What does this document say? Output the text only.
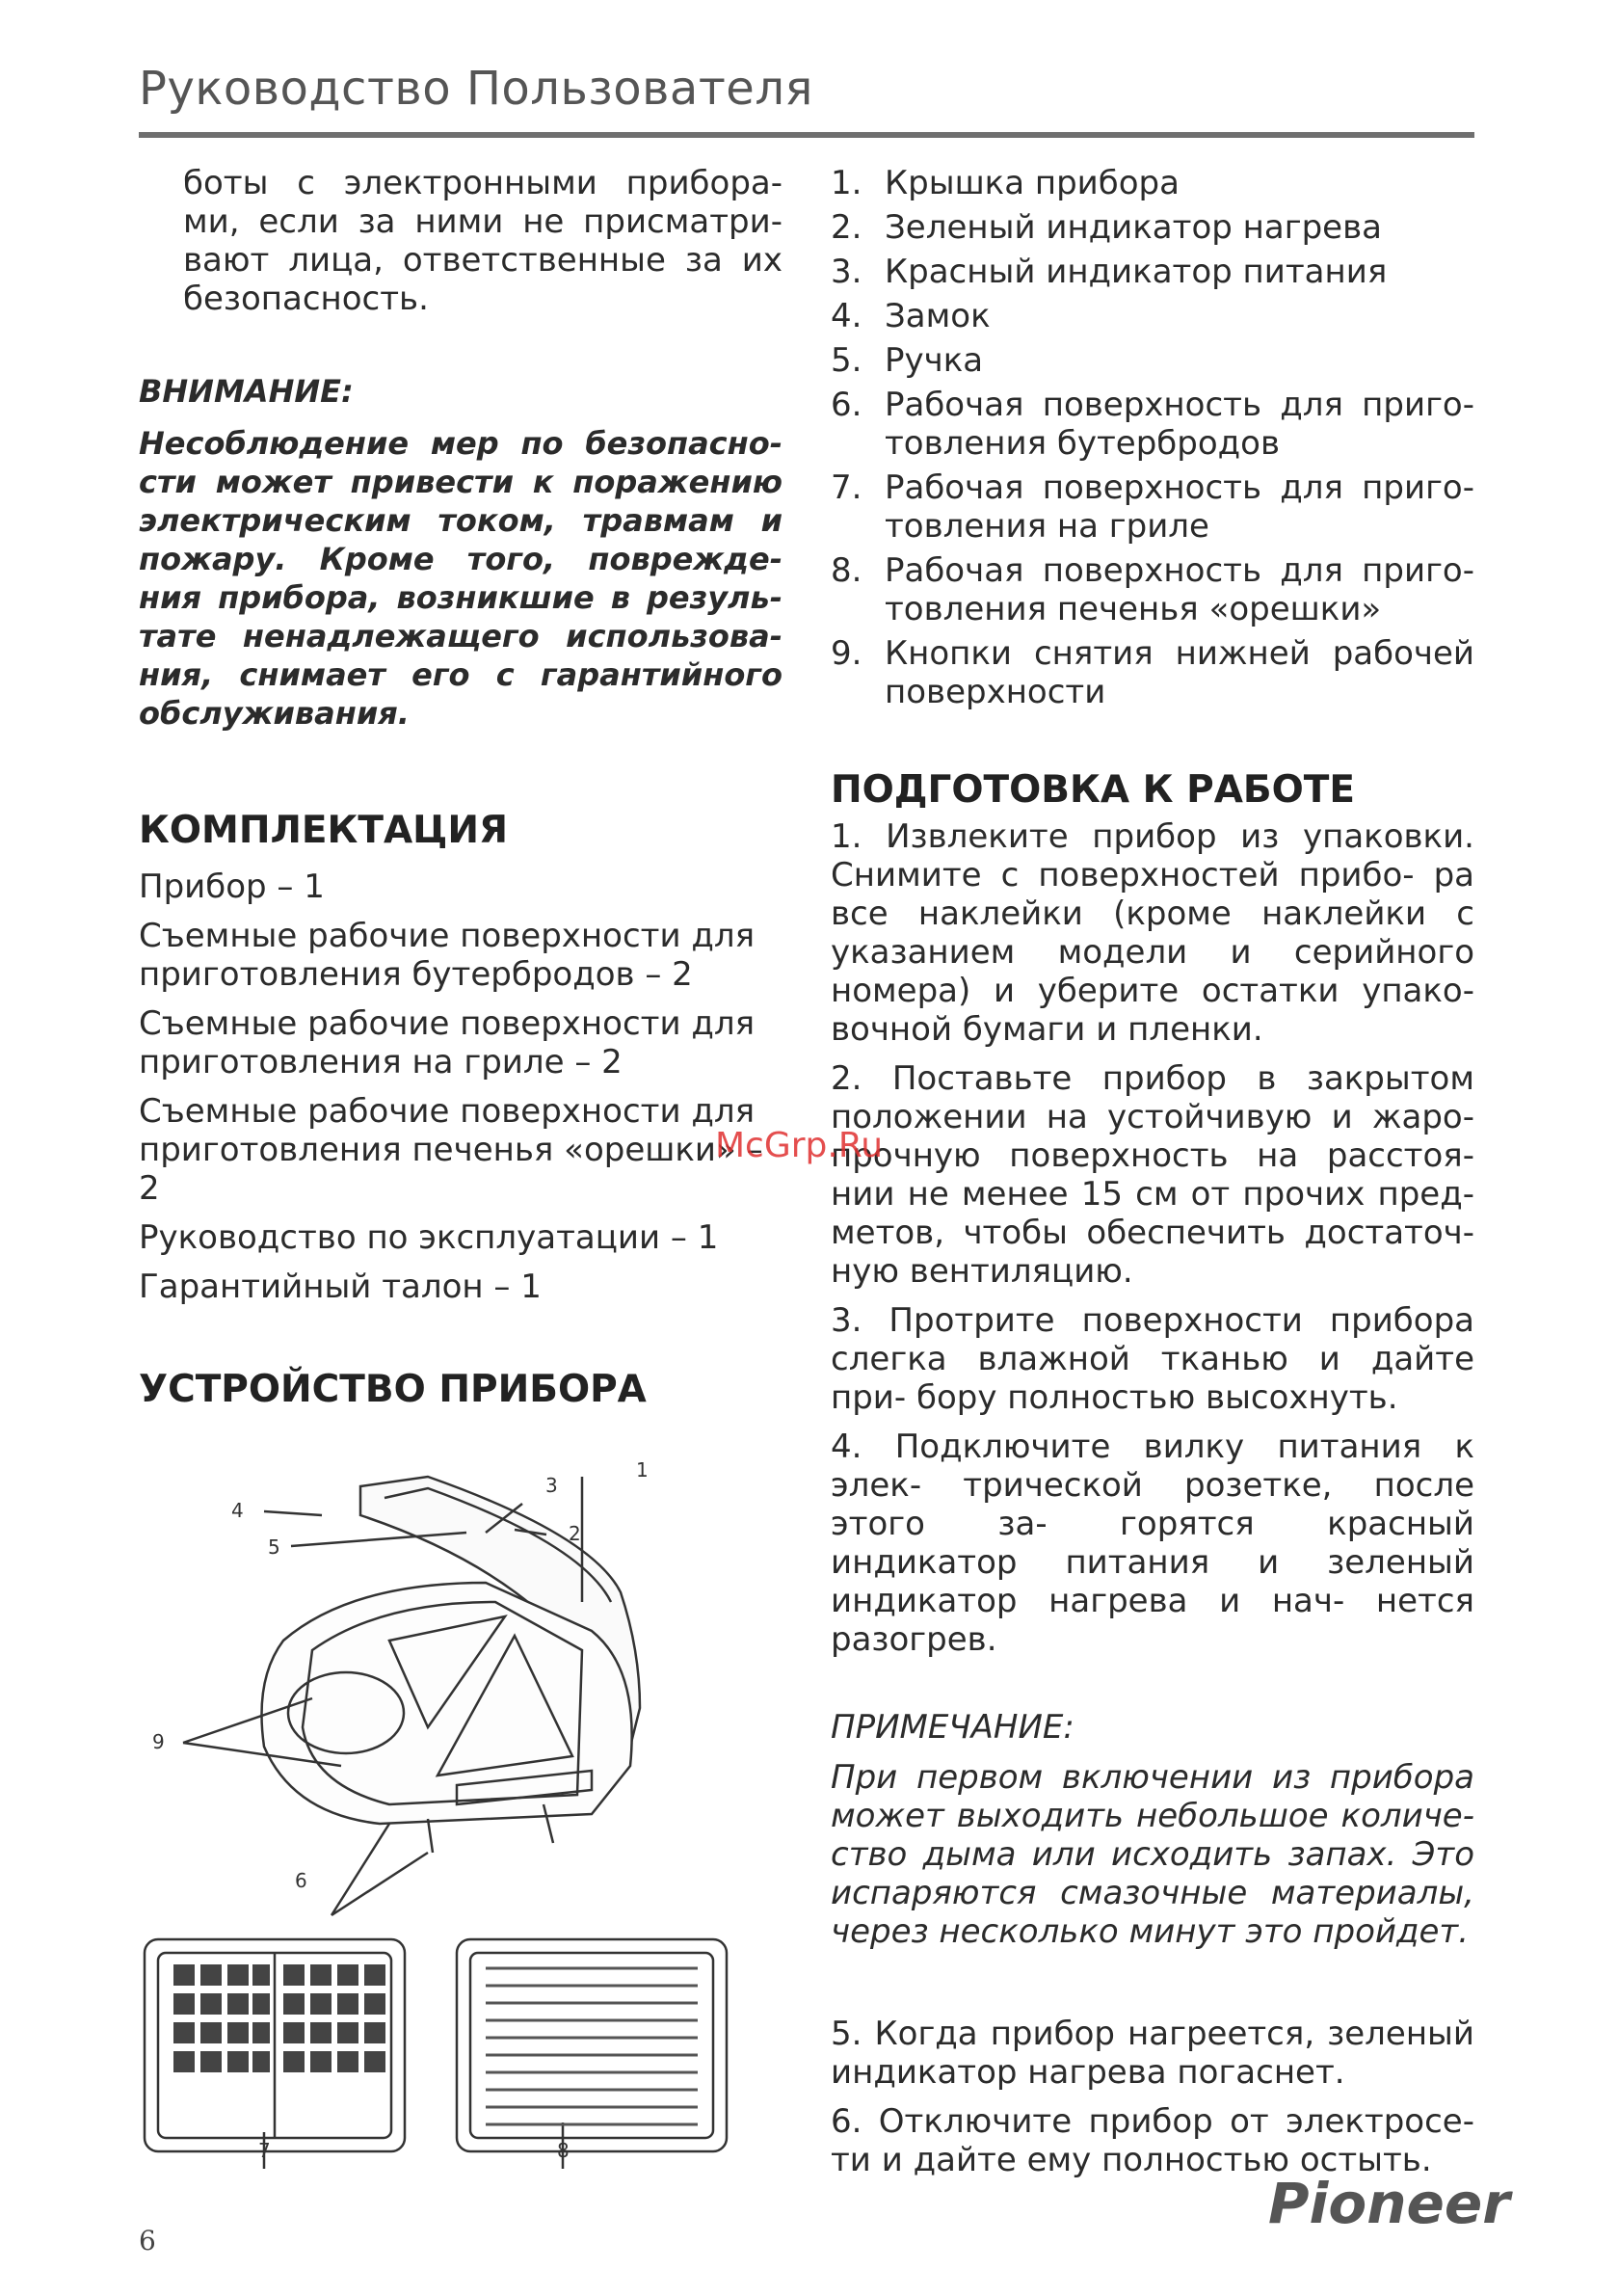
Руководство Пользователя

боты с электронными прибора- ми, если за ними не присматри- вают лица, ответственные за их безопасность.

ВНИМАНИЕ:

Несоблюдение мер по безопасно- сти может привести к поражению электрическим током, травмам и пожару. Кроме того, поврежде- ния прибора, возникшие в резуль- тате ненадлежащего использова- ния, снимает его с гарантийного обслуживания.

КОМПЛЕКТАЦИЯ

Прибор – 1

Съемные рабочие поверхности для приготовления бутербродов – 2

Съемные рабочие поверхности для приготовления на гриле – 2

Съемные рабочие поверхности для приготовления печенья «орешки» – 2

Руководство по эксплуатации – 1

Гарантийный талон – 1

УСТРОЙСТВО ПРИБОРА
1
2
3
4
5
6
7	8
9
1. Крышка прибора
2. Зеленый индикатор нагрева
3. Красный индикатор питания
4. Замок
5. Ручка
6. Рабочая поверхность для приго- товления бутербродов
7. Рабочая поверхность для приго- товления на гриле
8. Рабочая поверхность для приго- товления печенья «орешки»
9. Кнопки снятия нижней рабочей поверхности
ПОДГОТОВКА К РАБОТЕ

1. Извлеките прибор из упаковки. Снимите с поверхностей прибо- ра все наклейки (кроме наклейки с указанием модели и серийного номера) и уберите остатки упако- вочной бумаги и пленки.

2. Поставьте прибор в закрытом положении на устойчивую и жаро- прочную поверхность на расстоя- нии не менее 15 см от прочих пред- метов, чтобы обеспечить достаточ- ную вентиляцию.

3. Протрите поверхности прибора слегка влажной тканью и дайте при- бору полностью высохнуть.

4. Подключите вилку питания к элек- трической розетке, после этого за- горятся красный индикатор питания и зеленый индикатор нагрева и нач- нется разогрев.

ПРИМЕЧАНИЕ:

При первом включении из прибора может выходить небольшое количе- ство дыма или исходить запах. Это испаряются смазочные материалы, через несколько минут это пройдет.

5. Когда прибор нагреется, зеленый индикатор нагрева погаснет.

6. Отключите прибор от электросе- ти и дайте ему полностью остыть.

McGrp.Ru
6
Pioneer
